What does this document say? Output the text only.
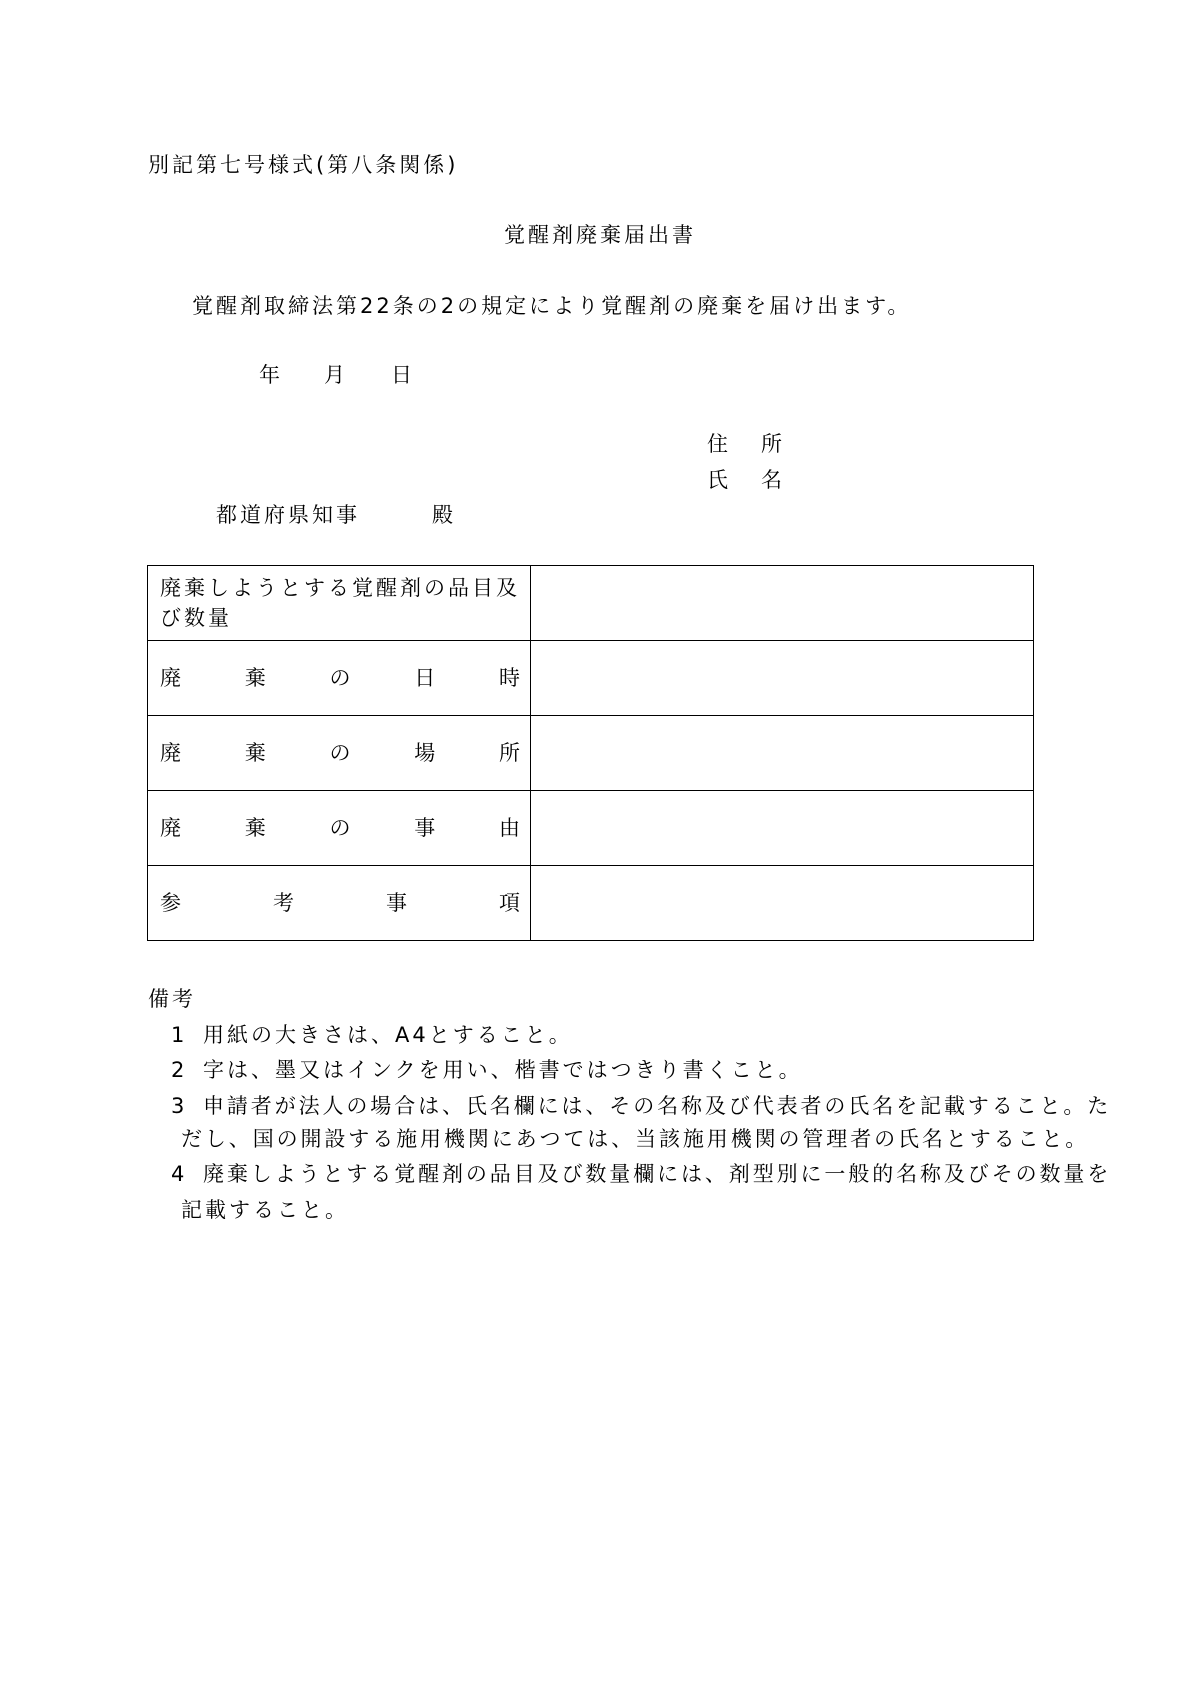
別記第七号様式(第八条関係)
覚醒剤廃棄届出書
覚醒剤取締法第22条の2の規定により覚醒剤の廃棄を届け出ます。
年 月 日
住　所
氏　名
都道府県知事	殿
廃棄しようとする覚醒剤の品目及び数量	

廃棄の日時	

廃棄の場所	

廃棄の事由	

参考事項	

備考
1 用紙の大きさは、A4とすること。
2 字は、墨又はインクを用い、楷書ではつきり書くこと。
3 申請者が法人の場合は、氏名欄には、その名称及び代表者の氏名を記載すること。た
だし、国の開設する施用機関にあつては、当該施用機関の管理者の氏名とすること。
4 廃棄しようとする覚醒剤の品目及び数量欄には、剤型別に一般的名称及びその数量を
記載すること。
